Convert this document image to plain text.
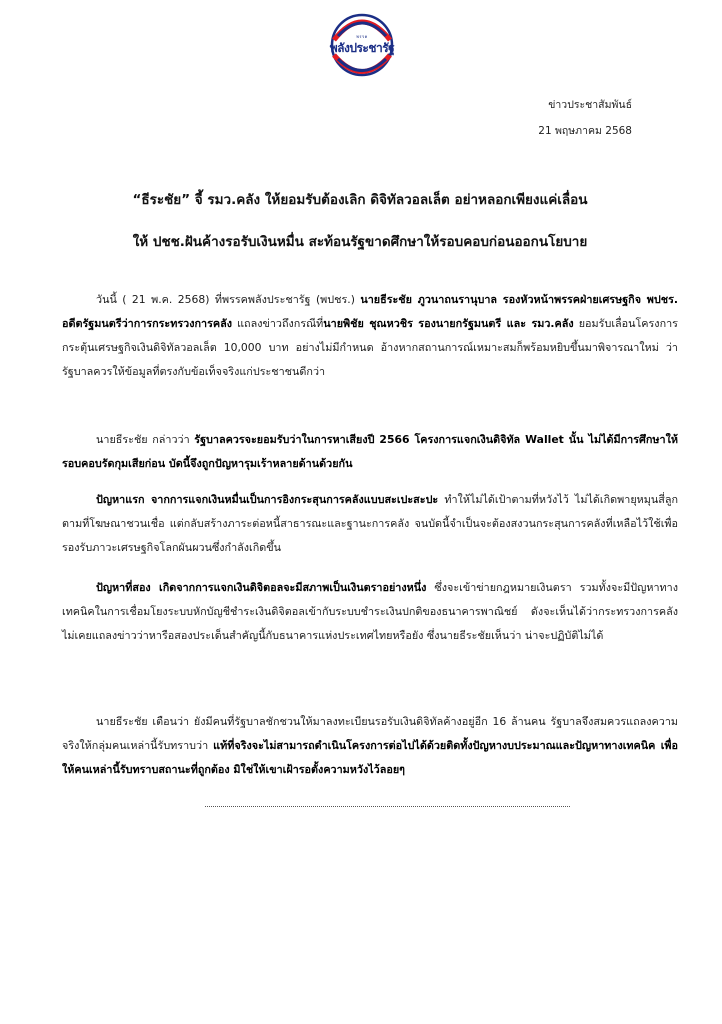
พรรค
พลังประชารัฐ
ข่าวประชาสัมพันธ์
21 พฤษภาคม 2568
“ธีระชัย” จี้ รมว.คลัง ให้ยอมรับต้องเลิก ดิจิทัลวอลเล็ต อย่าหลอกเพียงแค่เลื่อน
ให้ ปชช.ฝันค้างรอรับเงินหมื่น สะท้อนรัฐขาดศึกษาให้รอบคอบก่อนออกนโยบาย
วันนี้ ( 21 พ.ค. 2568) ที่พรรคพลังประชารัฐ (พปชร.) นายธีระชัย ภูวนาถนรานุบาล รองหัวหน้าพรรคฝ่ายเศรษฐกิจ พปชร. อดีตรัฐมนตรีว่าการกระทรวงการคลัง แถลงข่าวถึงกรณีที่นายพิชัย ชุณหวชิร รองนายกรัฐมนตรี และ รมว.คลัง ยอมรับเลื่อนโครงการกระตุ้นเศรษฐกิจเงินดิจิทัลวอลเล็ต 10,000 บาท อย่างไม่มีกำหนด อ้างหากสถานการณ์เหมาะสมก็พร้อมหยิบขึ้นมาพิจารณาใหม่ ว่ารัฐบาลควรให้ข้อมูลที่ตรงกับข้อเท็จจริงแก่ประชาชนดีกว่า
นายธีระชัย กล่าวว่า รัฐบาลควรจะยอมรับว่าในการหาเสียงปี 2566 โครงการแจกเงินดิจิทัล Wallet นั้น ไม่ได้มีการศึกษาให้รอบคอบรัดกุมเสียก่อน บัดนี้จึงถูกปัญหารุมเร้าหลายด้านด้วยกัน
ปัญหาแรก จากการแจกเงินหมื่นเป็นการอิงกระสุนการคลังแบบสะเปะสะปะ ทำให้ไม่ได้เป้าตามที่หวังไว้ ไม่ได้เกิดพายุหมุนสี่ลูกตามที่โฆษณาชวนเชื่อ แต่กลับสร้างภาระต่อหนี้สาธารณะและฐานะการคลัง จนบัดนี้จำเป็นจะต้องสงวนกระสุนการคลังที่เหลือไว้ใช้เพื่อรองรับภาวะเศรษฐกิจโลกผันผวนซึ่งกำลังเกิดขึ้น
ปัญหาที่สอง เกิดจากการแจกเงินดิจิตอลจะมีสภาพเป็นเงินตราอย่างหนึ่ง ซึ่งจะเข้าข่ายกฎหมายเงินตรา รวมทั้งจะมีปัญหาทางเทคนิคในการเชื่อมโยงระบบหักบัญชีชำระเงินดิจิตอลเข้ากับระบบชำระเงินปกติของธนาคารพาณิชย์ ดังจะเห็นได้ว่ากระทรวงการคลังไม่เคยแถลงข่าวว่าหารือสองประเด็นสำคัญนี้กับธนาคารแห่งประเทศไทยหรือยัง ซึ่งนายธีระชัยเห็นว่า น่าจะปฏิบัติไม่ได้
นายธีระชัย เตือนว่า ยังมีคนที่รัฐบาลชักชวนให้มาลงทะเบียนรอรับเงินดิจิทัลค้างอยู่อีก 16 ล้านคน รัฐบาลจึงสมควรแถลงความจริงให้กลุ่มคนเหล่านี้รับทราบว่า แท้ที่จริงจะไม่สามารถดำเนินโครงการต่อไปได้ด้วยติดทั้งปัญหางบประมาณและปัญหาทางเทคนิค เพื่อให้คนเหล่านี้รับทราบสถานะที่ถูกต้อง มิใช่ให้เขาเฝ้ารอตั้งความหวังไว้ลอยๆ
